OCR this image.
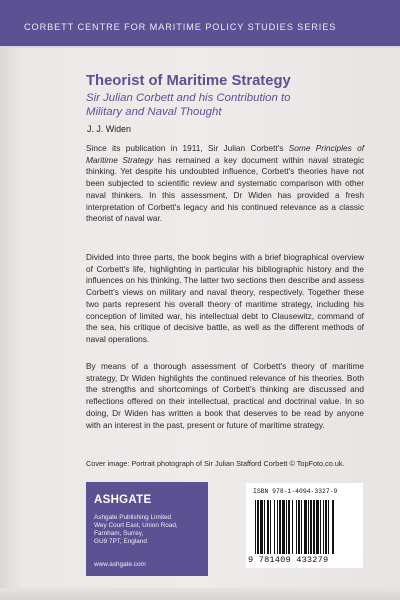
CORBETT CENTRE FOR MARITIME POLICY STUDIES SERIES
Theorist of Maritime Strategy
Sir Julian Corbett and his Contribution to Military and Naval Thought
J. J. Widen

Since its publication in 1911, Sir Julian Corbett's Some Principles of Maritime Strategy has remained a key document within naval strategic thinking. Yet despite his undoubted influence, Corbett's theories have not been subjected to scientific review and systematic comparison with other naval thinkers. In this assessment, Dr Widen has provided a fresh interpretation of Corbett's legacy and his continued relevance as a classic theorist of naval war.

Divided into three parts, the book begins with a brief biographical overview of Corbett's life, highlighting in particular his bibliographic history and the influences on his thinking. The latter two sections then describe and assess Corbett's views on military and naval theory, respectively. Together these two parts represent his overall theory of maritime strategy, including his conception of limited war, his intellectual debt to Clausewitz, command of the sea, his critique of decisive battle, as well as the different methods of naval operations.

By means of a thorough assessment of Corbett's theory of maritime strategy, Dr Widen highlights the continued relevance of his theories. Both the strengths and shortcomings of Corbett's thinking are discussed and reflections offered on their intellectual, practical and doctrinal value. In so doing, Dr Widen has written a book that deserves to be read by anyone with an interest in the past, present or future of maritime strategy.

Cover image: Portrait photograph of Sir Julian Stafford Corbett © TopFoto.co.uk.
ASHGATE
Ashgate Publishing Limited
Wey Court East, Union Road,
Farnham, Surrey,
GU9 7PT, England
www.ashgate.com
ISBN 978-1-4094-3327-9
9 781409 433279
